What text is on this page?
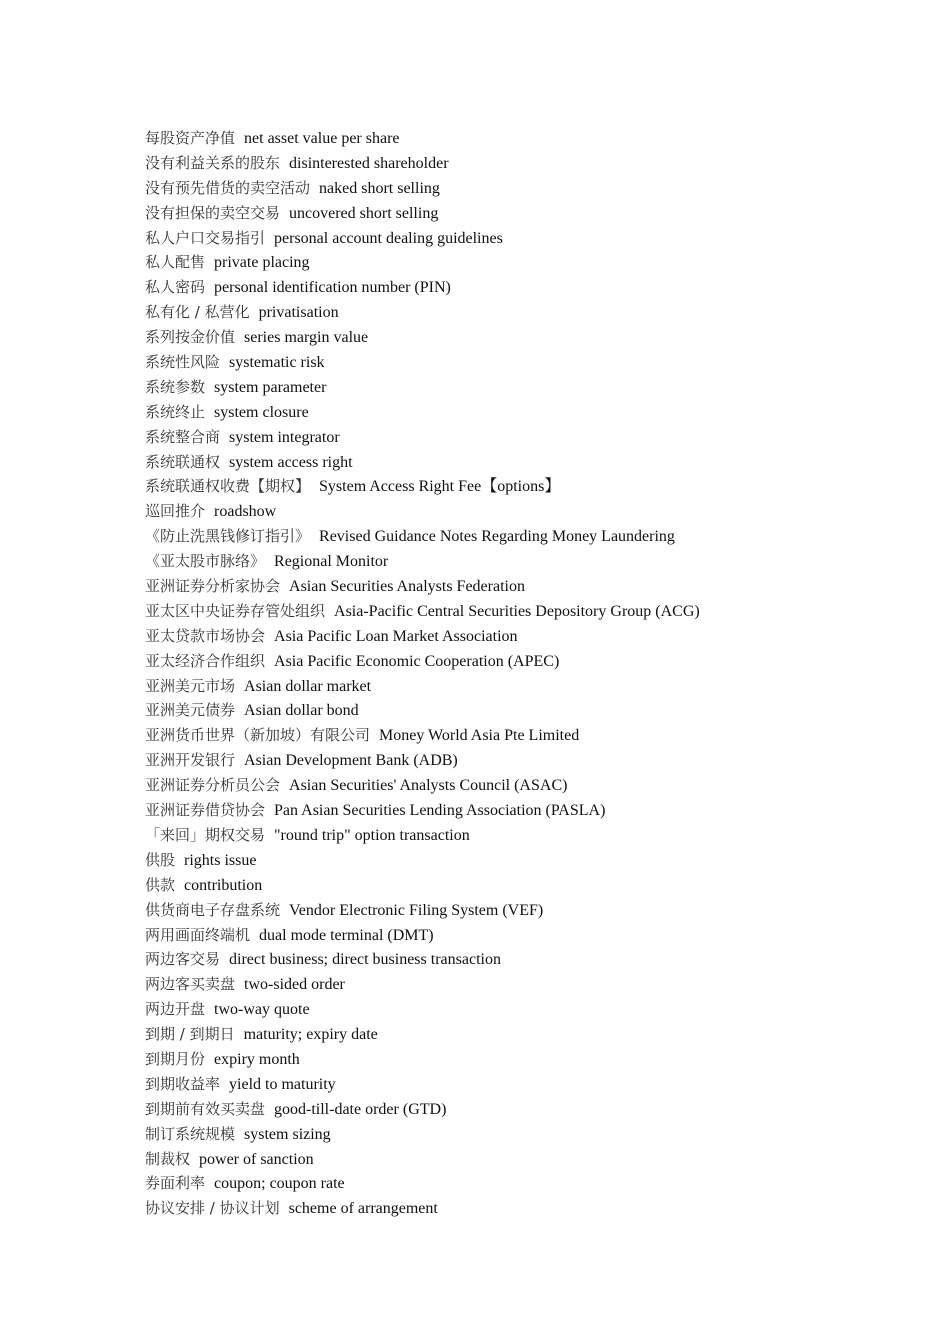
每股资产净值 net asset value per share
没有利益关系的股东 disinterested shareholder
没有预先借货的卖空活动 naked short selling
没有担保的卖空交易 uncovered short selling
私人户口交易指引 personal account dealing guidelines
私人配售 private placing
私人密码 personal identification number (PIN)
私有化 / 私营化 privatisation
系列按金价值 series margin value
系统性风险 systematic risk
系统参数 system parameter
系统终止 system closure
系统整合商 system integrator
系统联通权 system access right
系统联通权收费【期权】 System Access Right Fee【options】
巡回推介 roadshow
《防止洗黑钱修订指引》 Revised Guidance Notes Regarding Money Laundering
《亚太股市脉络》 Regional Monitor
亚洲证券分析家协会 Asian Securities Analysts Federation
亚太区中央证券存管处组织 Asia-Pacific Central Securities Depository Group (ACG)
亚太贷款市场协会 Asia Pacific Loan Market Association
亚太经济合作组织 Asia Pacific Economic Cooperation (APEC)
亚洲美元市场 Asian dollar market
亚洲美元债券 Asian dollar bond
亚洲货币世界（新加坡）有限公司 Money World Asia Pte Limited
亚洲开发银行 Asian Development Bank (ADB)
亚洲证券分析员公会 Asian Securities' Analysts Council (ASAC)
亚洲证券借贷协会 Pan Asian Securities Lending Association (PASLA)
「来回」期权交易 "round trip" option transaction
供股 rights issue
供款 contribution
供货商电子存盘系统 Vendor Electronic Filing System (VEF)
两用画面终端机 dual mode terminal (DMT)
两边客交易 direct business; direct business transaction
两边客买卖盘 two-sided order
两边开盘 two-way quote
到期 / 到期日 maturity; expiry date
到期月份 expiry month
到期收益率 yield to maturity
到期前有效买卖盘 good-till-date order (GTD)
制订系统规模 system sizing
制裁权 power of sanction
券面利率 coupon; coupon rate
协议安排 / 协议计划 scheme of arrangement
